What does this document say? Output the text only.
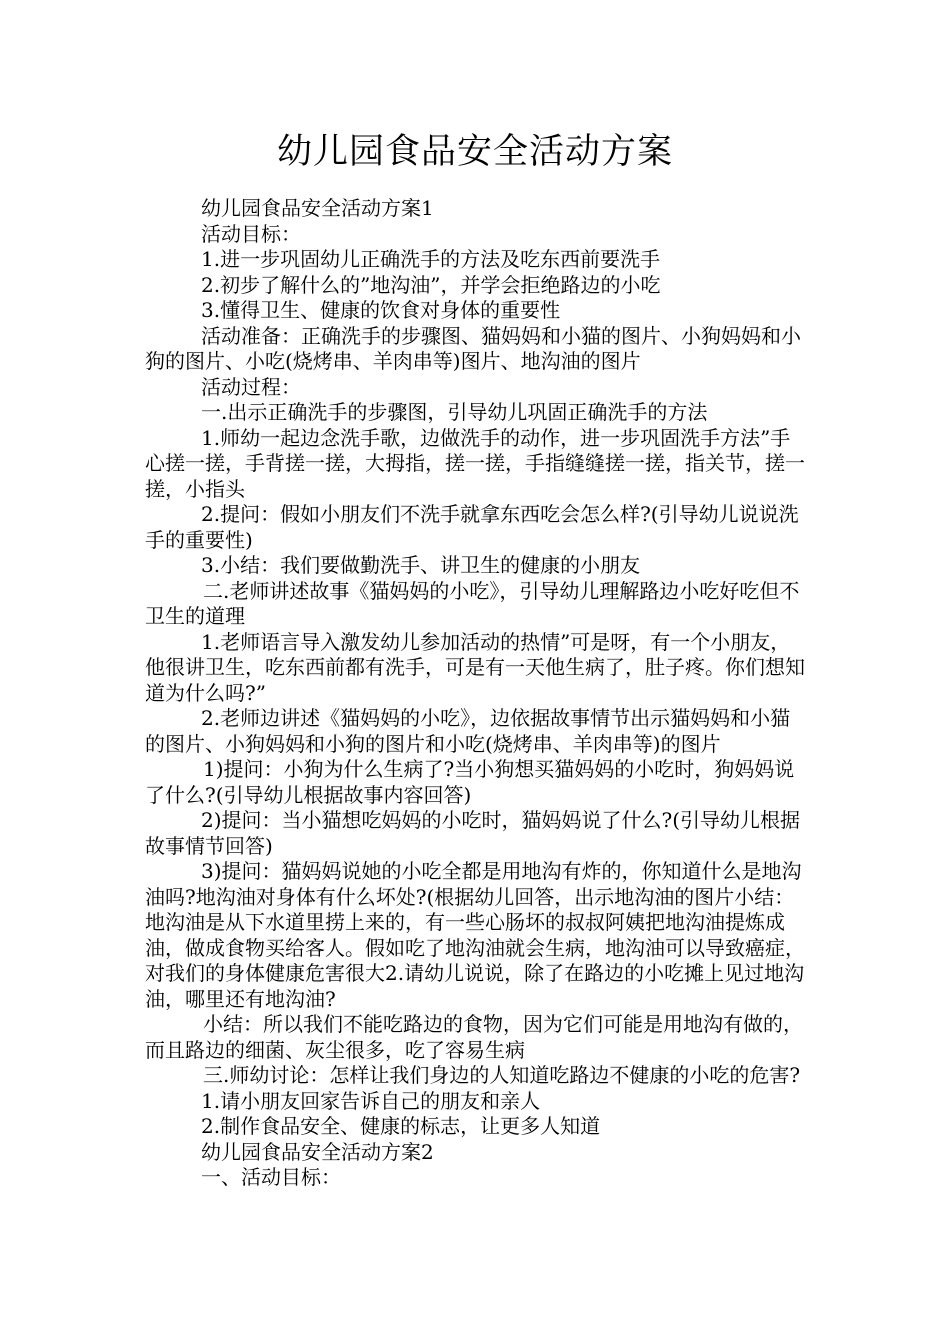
幼儿园食品安全活动方案

幼儿园食品安全活动方案1

活动目标：

1.进一步巩固幼儿正确洗手的方法及吃东西前要洗手

2.初步了解什么的”地沟油”，并学会拒绝路边的小吃

3.懂得卫生、健康的饮食对身体的重要性

活动准备：正确洗手的步骤图、猫妈妈和小猫的图片、小狗妈妈和小狗的图片、小吃(烧烤串、羊肉串等)图片、地沟油的图片

活动过程：

一.出示正确洗手的步骤图，引导幼儿巩固正确洗手的方法

1.师幼一起边念洗手歌，边做洗手的动作，进一步巩固洗手方法”手心搓一搓，手背搓一搓，大拇指，搓一搓，手指缝缝搓一搓，指关节，搓一搓，小指头

2.提问：假如小朋友们不洗手就拿东西吃会怎么样?(引导幼儿说说洗手的重要性)

3.小结：我们要做勤洗手、讲卫生的健康的小朋友

二.老师讲述故事《猫妈妈的小吃》，引导幼儿理解路边小吃好吃但不卫生的道理

1.老师语言导入激发幼儿参加活动的热情”可是呀，有一个小朋友，他很讲卫生，吃东西前都有洗手，可是有一天他生病了，肚子疼。你们想知道为什么吗?”

2.老师边讲述《猫妈妈的小吃》，边依据故事情节出示猫妈妈和小猫的图片、小狗妈妈和小狗的图片和小吃(烧烤串、羊肉串等)的图片

1)提问：小狗为什么生病了?当小狗想买猫妈妈的小吃时，狗妈妈说了什么?(引导幼儿根据故事内容回答)

2)提问：当小猫想吃妈妈的小吃时，猫妈妈说了什么?(引导幼儿根据故事情节回答)

3)提问：猫妈妈说她的小吃全都是用地沟有炸的，你知道什么是地沟油吗?地沟油对身体有什么坏处?(根据幼儿回答，出示地沟油的图片小结：地沟油是从下水道里捞上来的，有一些心肠坏的叔叔阿姨把地沟油提炼成油，做成食物买给客人。假如吃了地沟油就会生病，地沟油可以导致癌症，对我们的身体健康危害很大2.请幼儿说说，除了在路边的小吃摊上见过地沟油，哪里还有地沟油?

小结：所以我们不能吃路边的食物，因为它们可能是用地沟有做的，而且路边的细菌、灰尘很多，吃了容易生病

三.师幼讨论：怎样让我们身边的人知道吃路边不健康的小吃的危害?

1.请小朋友回家告诉自己的朋友和亲人

2.制作食品安全、健康的标志，让更多人知道

幼儿园食品安全活动方案2

一、活动目标：
